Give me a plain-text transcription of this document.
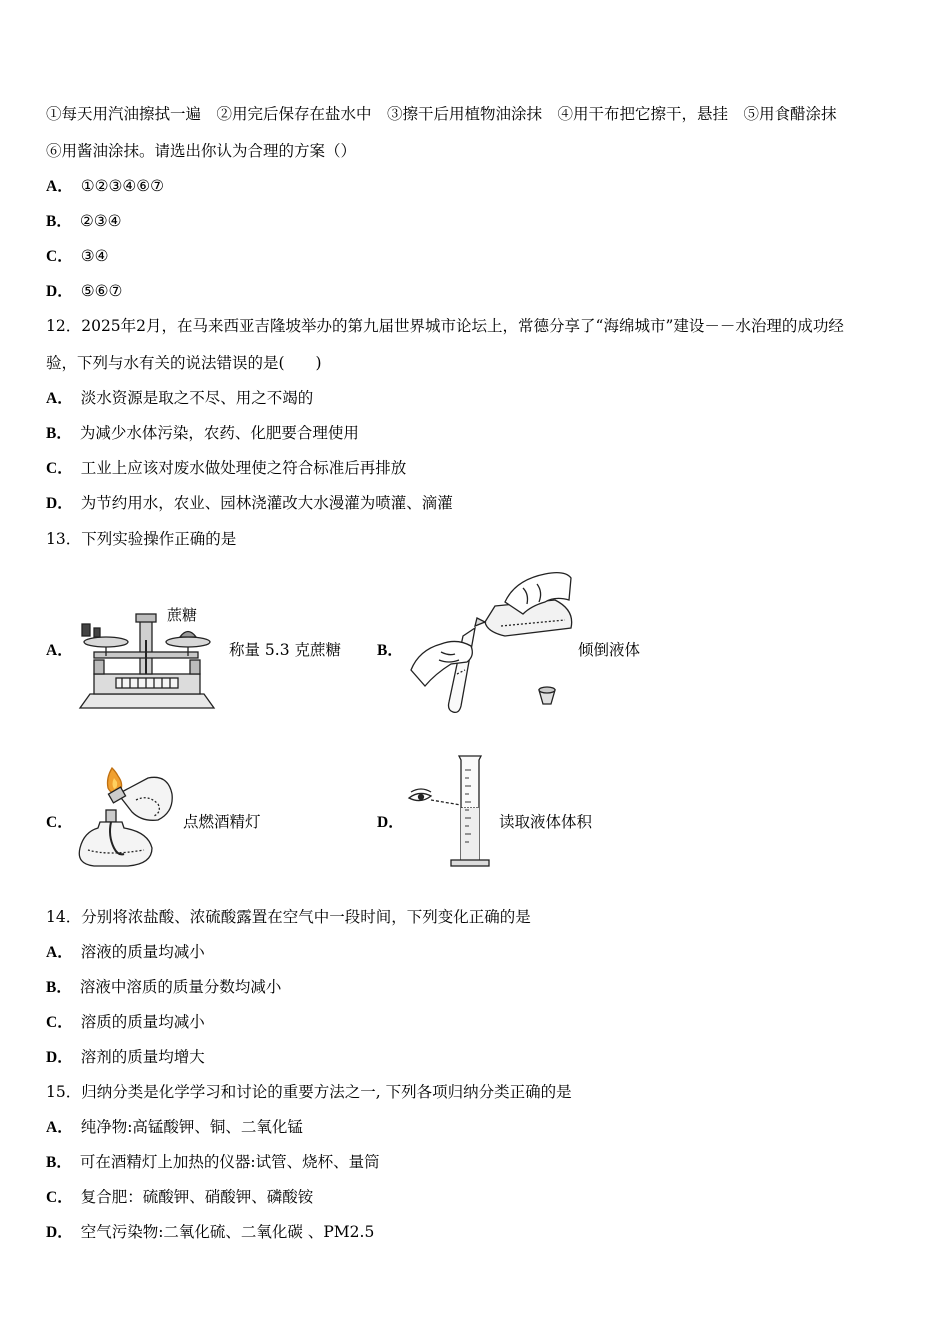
①每天用汽油擦拭一遍　②用完后保存在盐水中　③擦干后用植物油涂抹　④用干布把它擦干，悬挂　⑤用食醋涂抹
⑥用酱油涂抹。请选出你认为合理的方案（）
A． ①②③④⑥⑦
B． ②③④
C． ③④
D． ⑤⑥⑦
12．2025年2月，在马来西亚吉隆坡举办的第九届世界城市论坛上，常德分享了“海绵城市”建设－－水治理的成功经
验，下列与水有关的说法错误的是(　　)
A． 淡水资源是取之不尽、用之不竭的
B． 为减少水体污染，农药、化肥要合理使用
C． 工业上应该对废水做处理使之符合标准后再排放
D． 为节约用水，农业、园林浇灌改大水漫灌为喷灌、滴灌
13．下列实验操作正确的是
A．
蔗糖
称量 5.3 克蔗糖 B．	倾倒液体
C．	点燃酒精灯	D．	读取液体体积
14．分别将浓盐酸、浓硫酸露置在空气中一段时间，下列变化正确的是
A． 溶液的质量均减小
B． 溶液中溶质的质量分数均减小
C． 溶质的质量均减小
D． 溶剂的质量均增大
15．归纳分类是化学学习和讨论的重要方法之一, 下列各项归纳分类正确的是
A． 纯净物:高锰酸钾、铜、二氧化锰
B． 可在酒精灯上加热的仪器:试管、烧杯、量筒
C． 复合肥：硫酸钾、硝酸钾、磷酸铵
D． 空气污染物:二氧化硫、二氧化碳 、PM2.5
